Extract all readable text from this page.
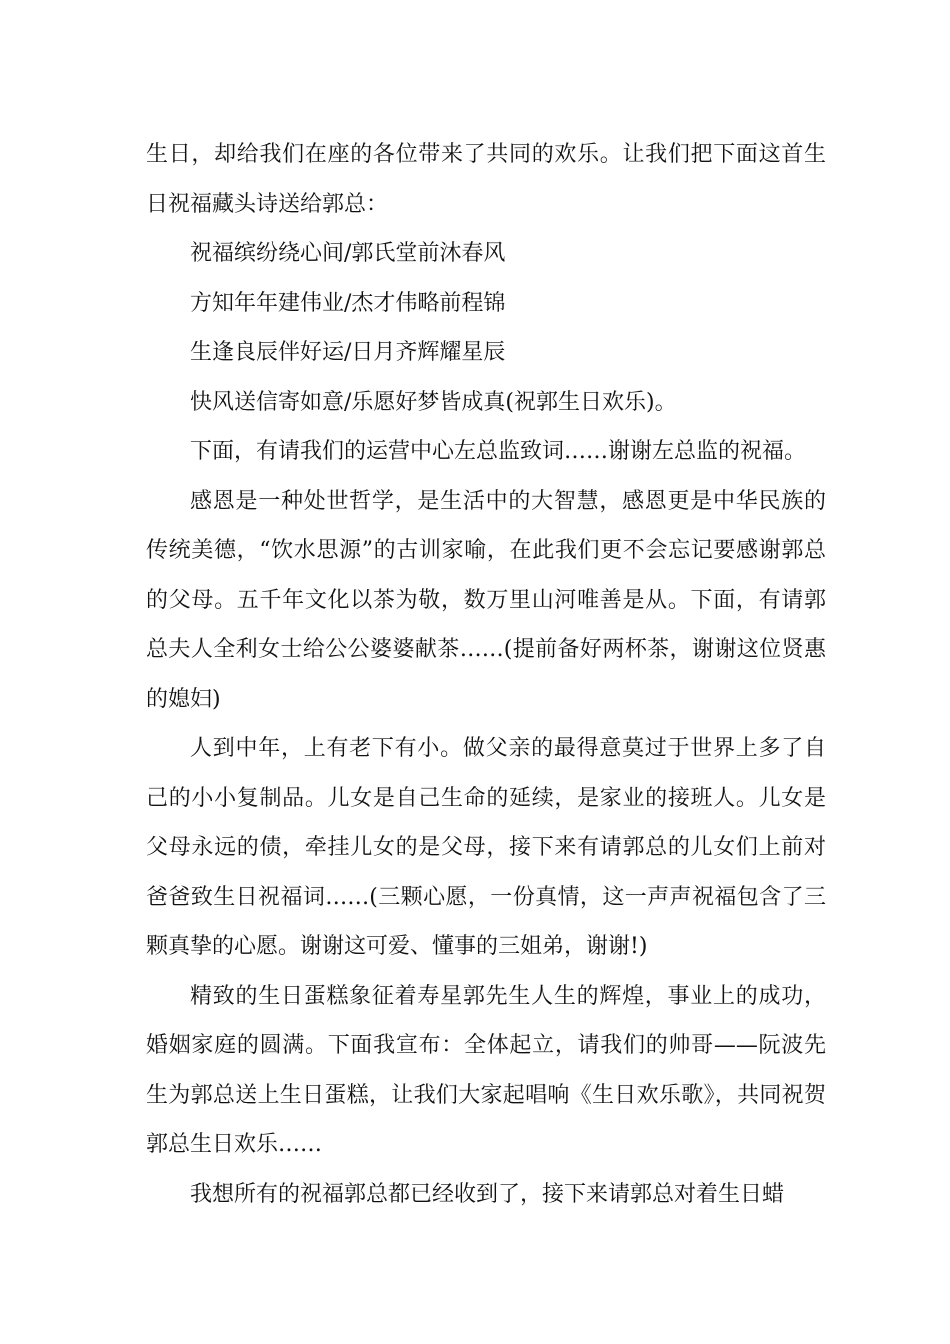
生日，却给我们在座的各位带来了共同的欢乐。让我们把下面这首生日祝福藏头诗送给郭总：

祝福缤纷绕心间/郭氏堂前沐春风

方知年年建伟业/杰才伟略前程锦

生逢良辰伴好运/日月齐辉耀星辰

快风送信寄如意/乐愿好梦皆成真(祝郭生日欢乐)。

下面，有请我们的运营中心左总监致词……谢谢左总监的祝福。

感恩是一种处世哲学，是生活中的大智慧，感恩更是中华民族的传统美德，“饮水思源”的古训家喻，在此我们更不会忘记要感谢郭总的父母。五千年文化以茶为敬，数万里山河唯善是从。下面，有请郭总夫人全利女士给公公婆婆献茶……(提前备好两杯茶，谢谢这位贤惠的媳妇)

人到中年，上有老下有小。做父亲的最得意莫过于世界上多了自己的小小复制品。儿女是自己生命的延续，是家业的接班人。儿女是父母永远的债，牵挂儿女的是父母，接下来有请郭总的儿女们上前对爸爸致生日祝福词……(三颗心愿，一份真情，这一声声祝福包含了三颗真挚的心愿。谢谢这可爱、懂事的三姐弟，谢谢!)

精致的生日蛋糕象征着寿星郭先生人生的辉煌，事业上的成功，婚姻家庭的圆满。下面我宣布：全体起立，请我们的帅哥——阮波先生为郭总送上生日蛋糕，让我们大家起唱响《生日欢乐歌》，共同祝贺郭总生日欢乐……

我想所有的祝福郭总都已经收到了，接下来请郭总对着生日蜡
